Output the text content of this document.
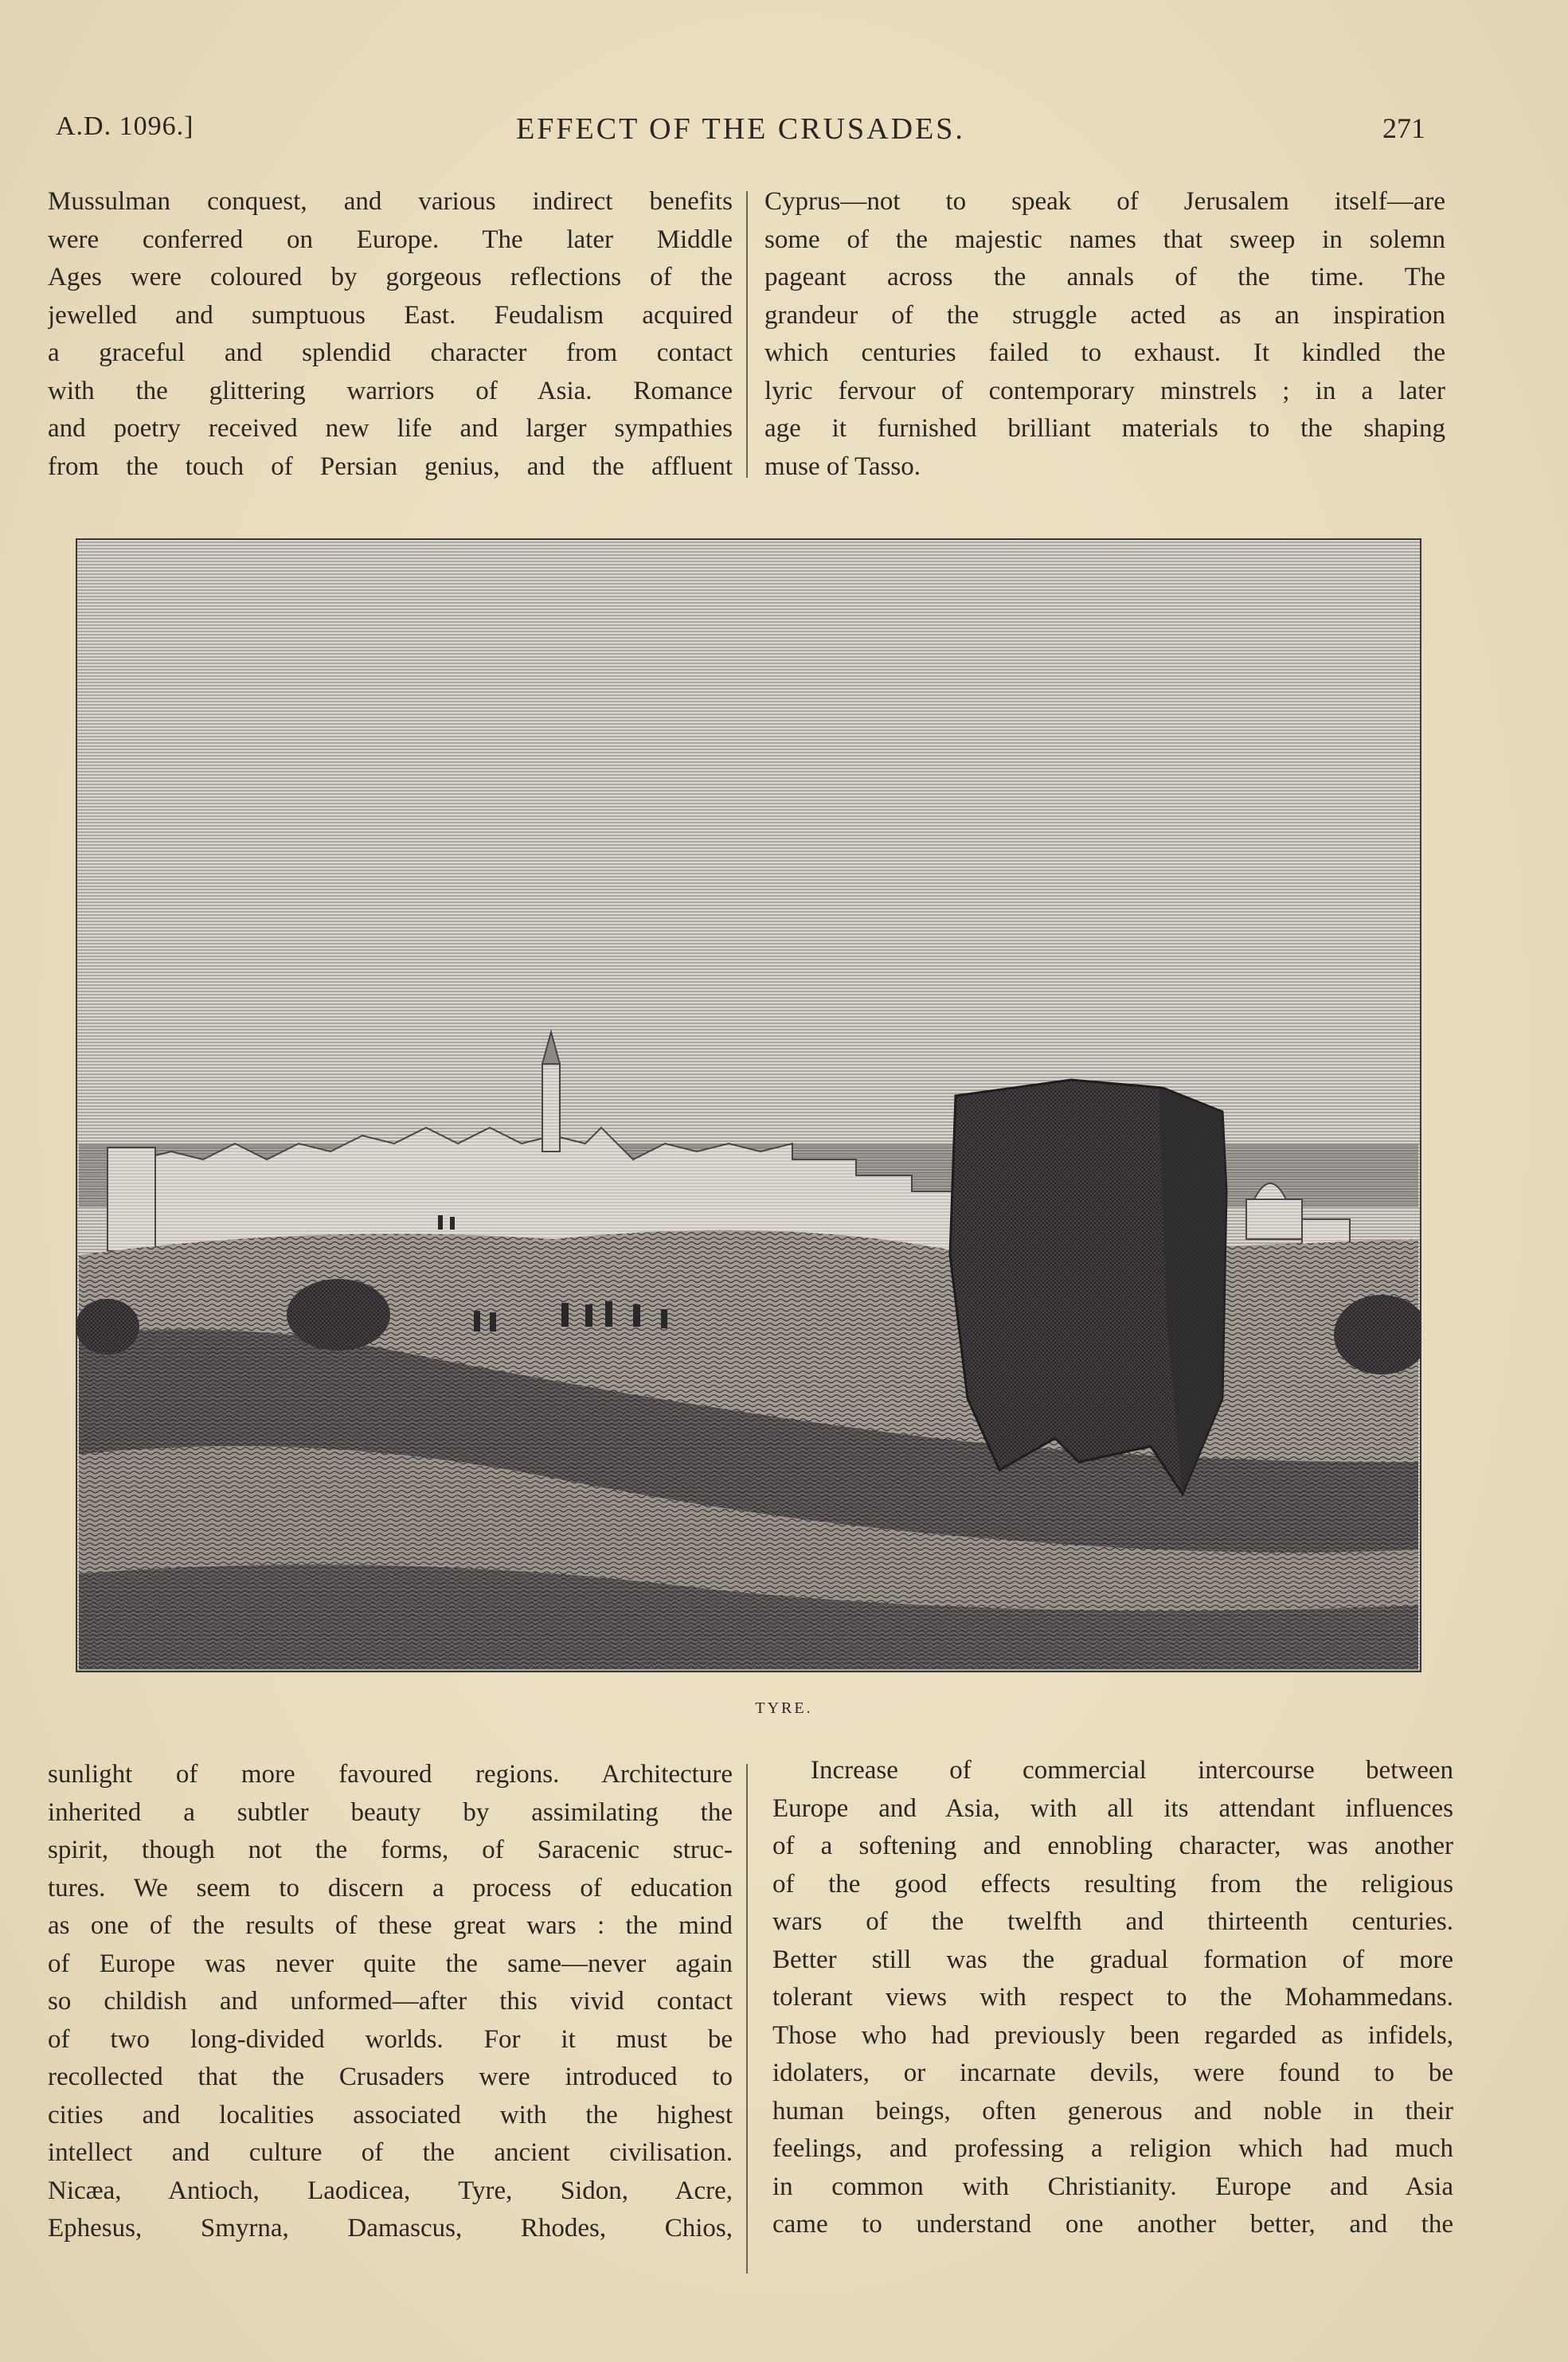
A.D. 1096.]	EFFECT OF THE CRUSADES.	271
Mussulman conquest, and various indirect benefits
were conferred on Europe. The later Middle
Ages were coloured by gorgeous reflections of the
jewelled and sumptuous East. Feudalism acquired
a graceful and splendid character from contact
with the glittering warriors of Asia. Romance
and poetry received new life and larger sympathies
from the touch of Persian genius, and the affluent
Cyprus—not to speak of Jerusalem itself—are
some of the majestic names that sweep in solemn
pageant across the annals of the time. The
grandeur of the struggle acted as an inspiration
which centuries failed to exhaust. It kindled the
lyric fervour of contemporary minstrels ; in a later
age it furnished brilliant materials to the shaping
muse of Tasso.
TYRE.
sunlight of more favoured regions. Architecture
inherited a subtler beauty by assimilating the
spirit, though not the forms, of Saracenic struc-
tures. We seem to discern a process of education
as one of the results of these great wars : the mind
of Europe was never quite the same—never again
so childish and unformed—after this vivid contact
of two long-divided worlds. For it must be
recollected that the Crusaders were introduced to
cities and localities associated with the highest
intellect and culture of the ancient civilisation.
Nicæa, Antioch, Laodicea, Tyre, Sidon, Acre,
Ephesus, Smyrna, Damascus, Rhodes, Chios,
Increase of commercial intercourse between
Europe and Asia, with all its attendant influences
of a softening and ennobling character, was another
of the good effects resulting from the religious
wars of the twelfth and thirteenth centuries.
Better still was the gradual formation of more
tolerant views with respect to the Mohammedans.
Those who had previously been regarded as infidels,
idolaters, or incarnate devils, were found to be
human beings, often generous and noble in their
feelings, and professing a religion which had much
in common with Christianity. Europe and Asia
came to understand one another better, and the
